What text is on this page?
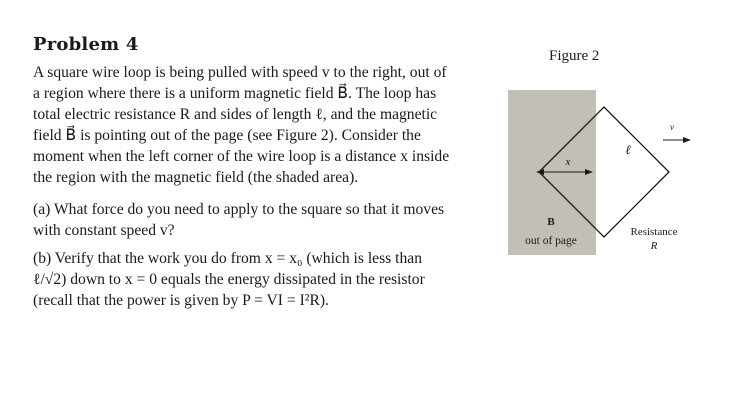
Problem 4
A square wire loop is being pulled with speed v to the right, out of
a region where there is a uniform magnetic field B⃗. The loop has
total electric resistance R and sides of length ℓ, and the magnetic
field B⃗ is pointing out of the page (see Figure 2). Consider the
moment when the left corner of the wire loop is a distance x inside
the region with the magnetic field (the shaded area).
(a) What force do you need to apply to the square so that it moves
with constant speed v?
(b) Verify that the work you do from x = x₀ (which is less than
ℓ/√2) down to x = 0 equals the energy dissipated in the resistor
(recall that the power is given by P = VI = I²R).
Figure 2
x
ℓ
v
B
out of page
Resistance
R
